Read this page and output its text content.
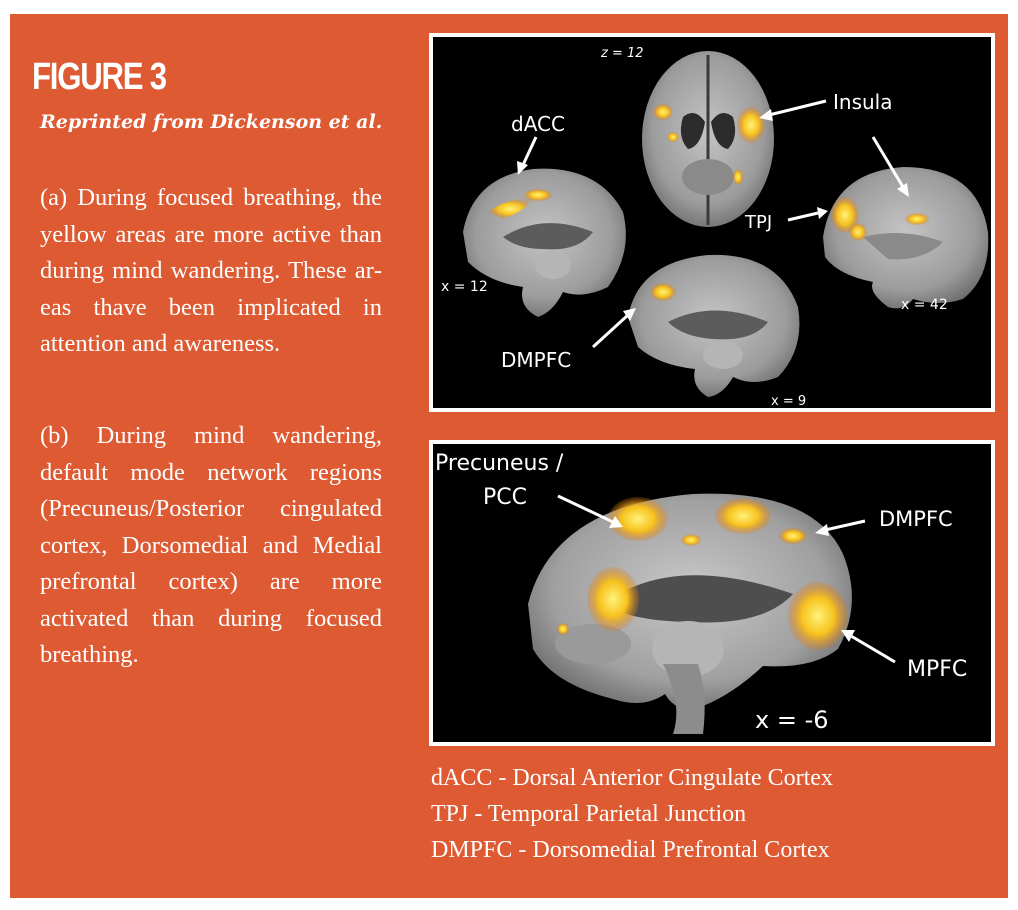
FIGURE 3

Reprinted from Dickenson et al.

(a) During focused breathing, the yellow areas are more active than during mind wandering. These areas thave been implicated in attention and awareness.

(b) During mind wandering, default mode network regions (Precuneus/Posterior cingulated cortex, Dorsomedial and Medial prefrontal cortex) are more activated than during focused breathing.

z = 12
dACC
Insula
TPJ
x = 12
x = 42
DMPFC
x = 9
Precuneus /
PCC
DMPFC
MPFC
x = -6
dACC - Dorsal Anterior Cingulate Cortex
TPJ - Temporal Parietal Junction
DMPFC - Dorsomedial Prefrontal Cortex
